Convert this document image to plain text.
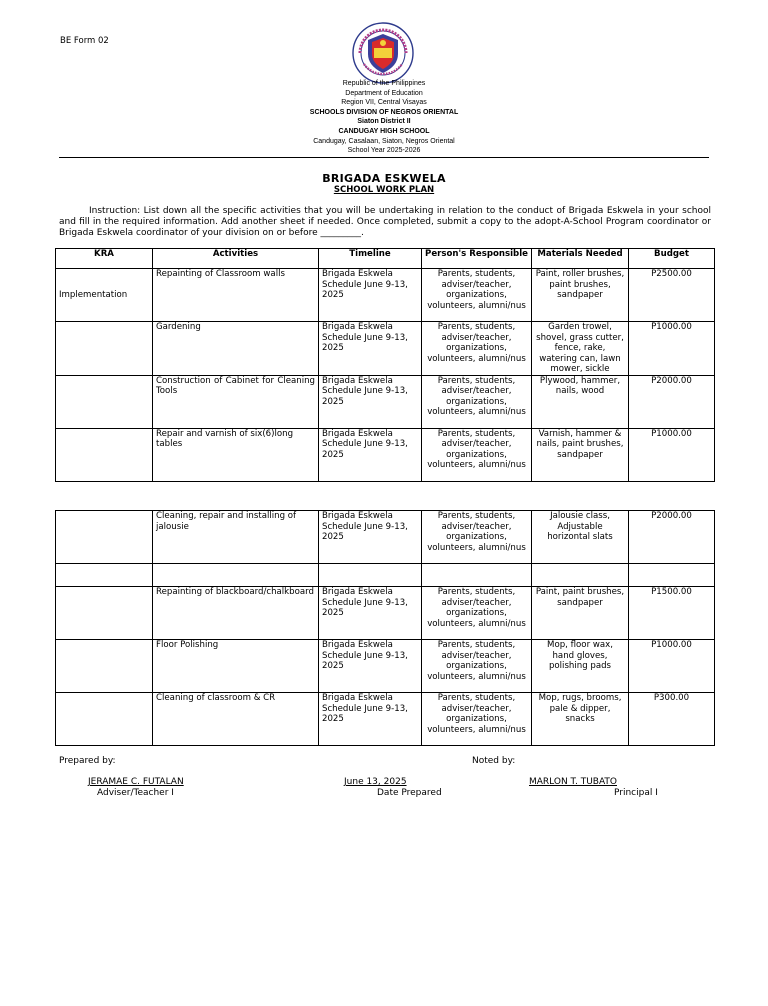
BE Form 02
Republic of the Philippines
Department of Education
Region VII, Central Visayas
SCHOOLS DIVISION OF NEGROS ORIENTAL
Siaton District II
CANDUGAY HIGH SCHOOL
Candugay, Casalaan, Siaton, Negros Oriental
School Year 2025-2026
BRIGADA ESKWELA
SCHOOL WORK PLAN
Instruction: List down all the specific activities that you will be undertaking in relation to the conduct of Brigada Eskwela in your school and fill in the required information. Add another sheet if needed. Once completed, submit a copy to the adopt-A-School Program coordinator or Brigada Eskwela coordinator of your division on or before _________.
KRA	Activities	Timeline	Person's Responsible	Materials Needed	Budget
Implementation	Repainting of Classroom walls	Brigada Eskwela Schedule June 9-13, 2025	Parents, students, adviser/teacher, organizations, volunteers, alumni/nus	Paint, roller brushes, paint brushes, sandpaper	P2500.00
	Gardening	Brigada Eskwela Schedule June 9-13, 2025	Parents, students, adviser/teacher, organizations, volunteers, alumni/nus	Garden trowel, shovel, grass cutter, fence, rake, watering can, lawn mower, sickle	P1000.00
	Construction of Cabinet for Cleaning Tools	Brigada Eskwela Schedule June 9-13, 2025	Parents, students, adviser/teacher, organizations, volunteers, alumni/nus	Plywood, hammer, nails, wood	P2000.00
	Repair and varnish of six(6)long tables	Brigada Eskwela Schedule June 9-13, 2025	Parents, students, adviser/teacher, organizations, volunteers, alumni/nus	Varnish, hammer & nails, paint brushes, sandpaper	P1000.00
	Cleaning, repair and installing of jalousie	Brigada Eskwela Schedule June 9-13, 2025	Parents, students, adviser/teacher, organizations, volunteers, alumni/nus	Jalousie class, Adjustable horizontal slats	P2000.00

	Repainting of blackboard/chalkboard	Brigada Eskwela Schedule June 9-13, 2025	Parents, students, adviser/teacher, organizations, volunteers, alumni/nus	Paint, paint brushes, sandpaper	P1500.00
	Floor Polishing	Brigada Eskwela Schedule June 9-13, 2025	Parents, students, adviser/teacher, organizations, volunteers, alumni/nus	Mop, floor wax, hand gloves, polishing pads	P1000.00
	Cleaning of classroom & CR	Brigada Eskwela Schedule June 9-13, 2025	Parents, students, adviser/teacher, organizations, volunteers, alumni/nus	Mop, rugs, brooms, pale & dipper, snacks	P300.00
Prepared by:	Noted by:
JERAMAE C. FUTALAN
Adviser/Teacher I
June 13, 2025
Date Prepared
MARLON T. TUBATO
Principal I
